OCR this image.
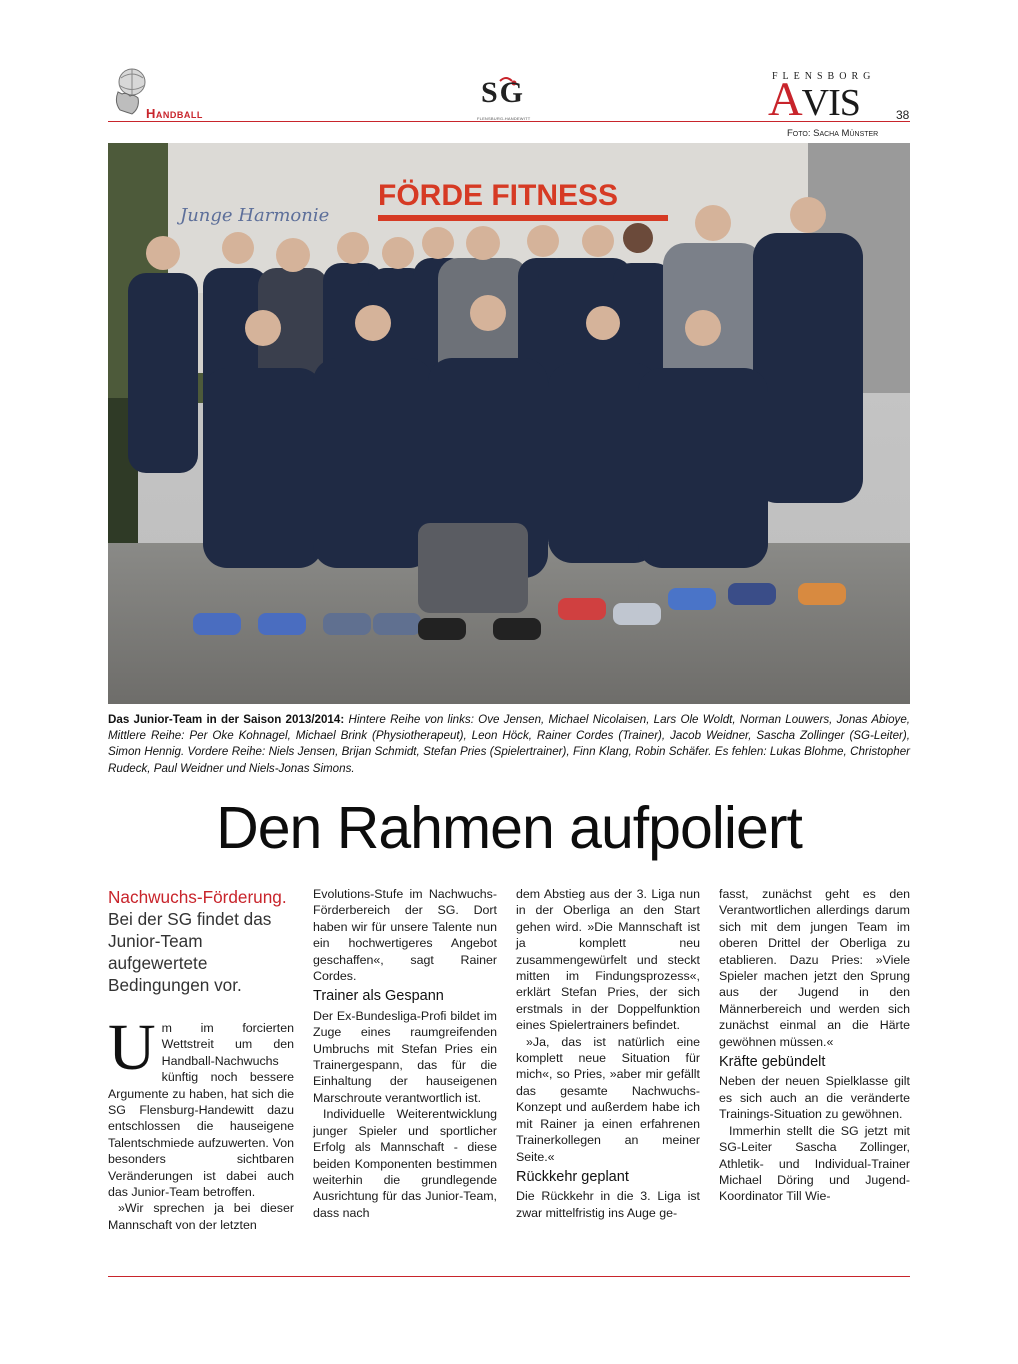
Handball
SG
FLENSBURG-HANDEWITT
FLENSBORG
AVIS	38
Foto: Sacha Münster
FÖRDE FITNESS
Junge Harmonie
Das Junior-Team in der Saison 2013/2014: Hintere Reihe von links: Ove Jensen, Michael Nicolaisen, Lars Ole Woldt, Norman Louwers, Jonas Abioye, Mittlere Reihe: Per Oke Kohnagel, Michael Brink (Physiotherapeut), Leon Höck, Rainer Cordes (Trainer), Jacob Weidner, Sascha Zollinger (SG-Leiter), Simon Hennig. Vordere Reihe: Niels Jensen, Brijan Schmidt, Stefan Pries (Spielertrainer), Finn Klang, Robin Schäfer. Es fehlen: Lukas Blohme, Christopher Rudeck, Paul Weidner und Niels-Jonas Simons.
Den Rahmen aufpoliert
Nachwuchs-Förderung. Bei der SG findet das Junior-Team aufgewertete Bedingungen vor.

Um im forcierten Wettstreit um den Handball-Nachwuchs künftig noch bessere Argumente zu haben, hat sich die SG Flensburg-Handewitt dazu entschlossen die hauseigene Talentschmiede aufzuwerten. Von besonders sichtbaren Veränderungen ist dabei auch das Junior-Team betroffen.

»Wir sprechen ja bei dieser Mannschaft von der letzten

Evolutions-Stufe im Nachwuchs-Förderbereich der SG. Dort haben wir für unsere Talente nun ein hochwertigeres Angebot geschaffen«, sagt Rainer Cordes.

Trainer als Gespann

Der Ex-Bundesliga-Profi bildet im Zuge eines raumgreifenden Umbruchs mit Stefan Pries ein Trainergespann, das für die Einhaltung der hauseigenen Marschroute verantwortlich ist.

Individuelle Weiterentwicklung junger Spieler und sportlicher Erfolg als Mannschaft - diese beiden Komponenten bestimmen weiterhin die grundlegende Ausrichtung für das Junior-Team, dass nach

dem Abstieg aus der 3. Liga nun in der Oberliga an den Start gehen wird. »Die Mannschaft ist ja komplett neu zusammengewürfelt und steckt mitten im Findungsprozess«, erklärt Stefan Pries, der sich erstmals in der Doppelfunktion eines Spielertrainers befindet.

»Ja, das ist natürlich eine komplett neue Situation für mich«, so Pries, »aber mir gefällt das gesamte Nachwuchs-Konzept und außerdem habe ich mit Rainer ja einen erfahrenen Trainerkollegen an meiner Seite.«

Rückkehr geplant

Die Rückkehr in die 3. Liga ist zwar mittelfristig ins Auge ge-

fasst, zunächst geht es den Verantwortlichen allerdings darum sich mit dem jungen Team im oberen Drittel der Oberliga zu etablieren. Dazu Pries: »Viele Spieler machen jetzt den Sprung aus der Jugend in den Männerbereich und werden sich zunächst einmal an die Härte gewöhnen müssen.«

Kräfte gebündelt

Neben der neuen Spielklasse gilt es sich auch an die veränderte Trainings-Situation zu gewöhnen.

Immerhin stellt die SG jetzt mit SG-Leiter Sascha Zollinger, Athletik- und Individual-Trainer Michael Döring und Jugend-Koordinator Till Wie-
